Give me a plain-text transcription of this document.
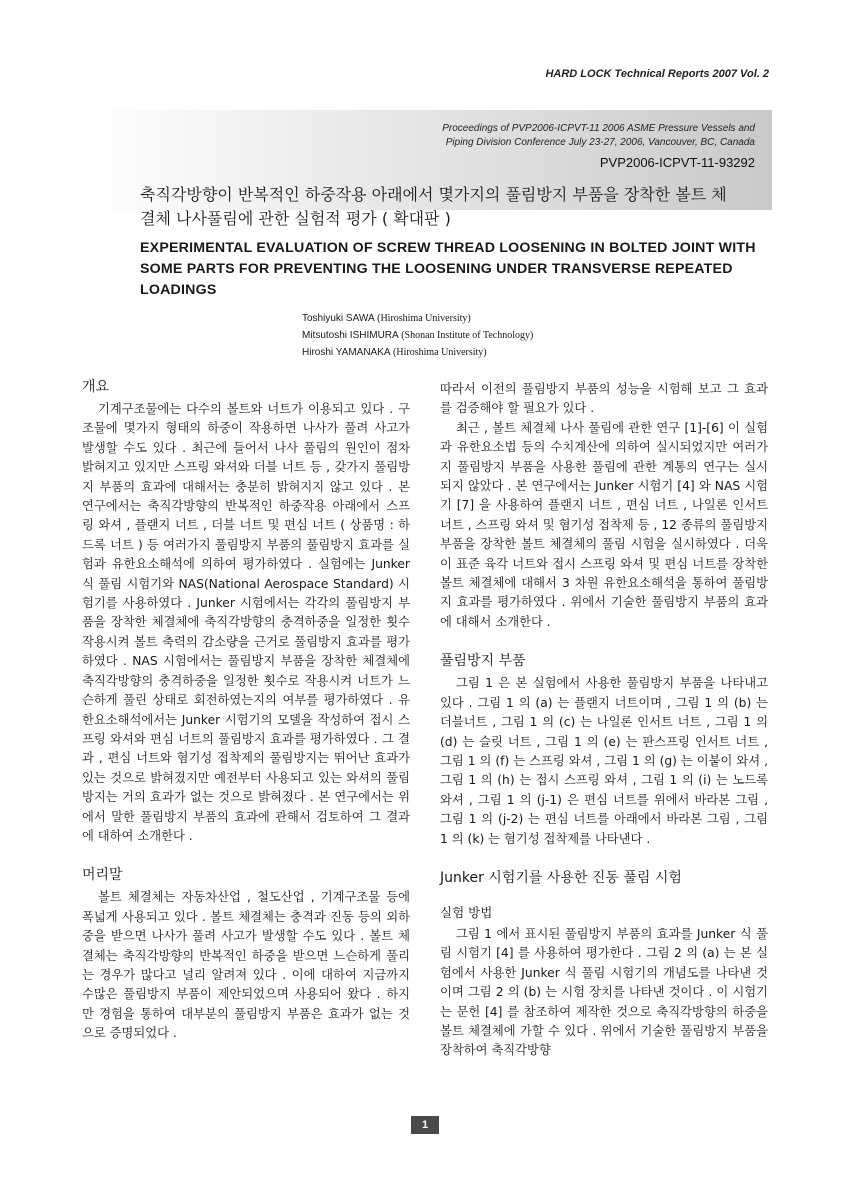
HARD LOCK Technical Reports 2007 Vol. 2
Proceedings of PVP2006-ICPVT-11 2006 ASME Pressure Vessels and
Piping Division Conference July 23-27, 2006, Vancouver, BC, Canada
PVP2006-ICPVT-11-93292
축직각방향이 반복적인 하중작용 아래에서 몇가지의 풀림방지 부품을 장착한 볼트 체결체 나사풀림에 관한 실험적 평가 ( 확대판 )
EXPERIMENTAL EVALUATION OF SCREW THREAD LOOSENING IN BOLTED JOINT WITH SOME PARTS FOR PREVENTING THE LOOSENING UNDER TRANSVERSE REPEATED LOADINGS
Toshiyuki SAWA (Hiroshima University)
Mitsutoshi ISHIMURA (Shonan Institute of Technology)
Hiroshi YAMANAKA (Hiroshima University)
개요

기계구조물에는 다수의 볼트와 너트가 이용되고 있다 . 구조물에 몇가지 형태의 하중이 작용하면 나사가 풀려 사고가 발생할 수도 있다 . 최근에 들어서 나사 풀림의 원인이 점차 밝혀지고 있지만 스프링 와셔와 더블 너트 등 , 갖가지 풀림방지 부품의 효과에 대해서는 충분히 밝혀지지 않고 있다 . 본 연구에서는 축직각방향의 반복적인 하중작용 아래에서 스프링 와셔 , 플랜지 너트 , 더블 너트 및 편심 너트 ( 상품명 : 하드록 너트 ) 등 여러가지 풀림방지 부품의 풀림방지 효과를 실험과 유한요소해석에 의하여 평가하였다 . 실험에는 Junker 식 풀림 시험기와 NAS(National Aerospace Standard) 시험기를 사용하였다 . Junker 시험에서는 각각의 풀림방지 부품을 장착한 체결체에 축직각방향의 충격하중을 일정한 횟수 작용시켜 볼트 축력의 감소량을 근거로 풀림방지 효과를 평가하였다 . NAS 시험에서는 풀림방지 부품을 장착한 체결체에 축직각방향의 충격하중을 일정한 횟수로 작용시켜 너트가 느슨하게 풀린 상태로 회전하였는지의 여부를 평가하였다 . 유한요소해석에서는 Junker 시험기의 모델을 작성하여 접시 스프링 와셔와 편심 너트의 풀림방지 효과를 평가하였다 . 그 결과 , 편심 너트와 혐기성 접착제의 풀림방지는 뛰어난 효과가 있는 것으로 밝혀졌지만 예전부터 사용되고 있는 와셔의 풀림방지는 거의 효과가 없는 것으로 밝혀졌다 . 본 연구에서는 위에서 말한 풀림방지 부품의 효과에 관해서 검토하여 그 결과에 대하여 소개한다 .

머리말

볼트 체결체는 자동차산업 , 철도산업 , 기계구조물 등에 폭넓게 사용되고 있다 . 볼트 체결체는 충격과 진동 등의 외하중을 받으면 나사가 풀려 사고가 발생할 수도 있다 . 볼트 체결체는 축직각방향의 반복적인 하중을 받으면 느슨하게 풀리는 경우가 많다고 널리 알려져 있다 . 이에 대하여 지금까지 수많은 풀림방지 부품이 제안되었으며 사용되어 왔다 . 하지만 경험을 통하여 대부분의 풀림방지 부품은 효과가 없는 것으로 증명되었다 .

따라서 이전의 풀림방지 부품의 성능을 시험해 보고 그 효과를 검증해야 할 필요가 있다 .

최근 , 볼트 체결체 나사 풀림에 관한 연구 [1]-[6] 이 실험과 유한요소법 등의 수치계산에 의하여 실시되었지만 여러가지 풀림방지 부품을 사용한 풀림에 관한 계통의 연구는 실시되지 않았다 . 본 연구에서는 Junker 시험기 [4] 와 NAS 시험기 [7] 을 사용하여 플랜지 너트 , 편심 너트 , 나일론 인서트 너트 , 스프링 와셔 및 혐기성 접착제 등 , 12 종류의 풀림방지 부품을 장착한 볼트 체결체의 풀림 시험을 실시하였다 . 더욱이 표준 육각 너트와 접시 스프링 와셔 및 편심 너트를 장착한 볼트 체결체에 대해서 3 차원 유한요소해석을 통하여 풀림방지 효과를 평가하였다 . 위에서 기술한 풀림방지 부품의 효과에 대해서 소개한다 .

풀림방지 부품

그림 1 은 본 실험에서 사용한 풀림방지 부품을 나타내고 있다 . 그림 1 의 (a) 는 플랜지 너트이며 , 그림 1 의 (b) 는 더블너트 , 그림 1 의 (c) 는 나일론 인서트 너트 , 그림 1 의 (d) 는 슬릿 너트 , 그림 1 의 (e) 는 판스프링 인서트 너트 , 그림 1 의 (f) 는 스프링 와셔 , 그림 1 의 (g) 는 이붙이 와셔 , 그림 1 의 (h) 는 접시 스프링 와셔 , 그림 1 의 (i) 는 노드록 와셔 , 그림 1 의 (j-1) 은 편심 너트를 위에서 바라본 그림 , 그림 1 의 (j-2) 는 편심 너트를 아래에서 바라본 그림 , 그림 1 의 (k) 는 혐기성 접착제를 나타낸다 .

Junker 시험기를 사용한 진동 풀림 시험
실험 방법

그림 1 에서 표시된 풀림방지 부품의 효과를 Junker 식 풀림 시험기 [4] 를 사용하여 평가한다 . 그림 2 의 (a) 는 본 실험에서 사용한 Junker 식 풀림 시험기의 개념도를 나타낸 것이며 그림 2 의 (b) 는 시험 장치를 나타낸 것이다 . 이 시험기는 문헌 [4] 를 참조하여 제작한 것으로 축직각방향의 하중을 볼트 체결체에 가할 수 있다 . 위에서 기술한 풀림방지 부품을 장착하여 축직각방향

1
